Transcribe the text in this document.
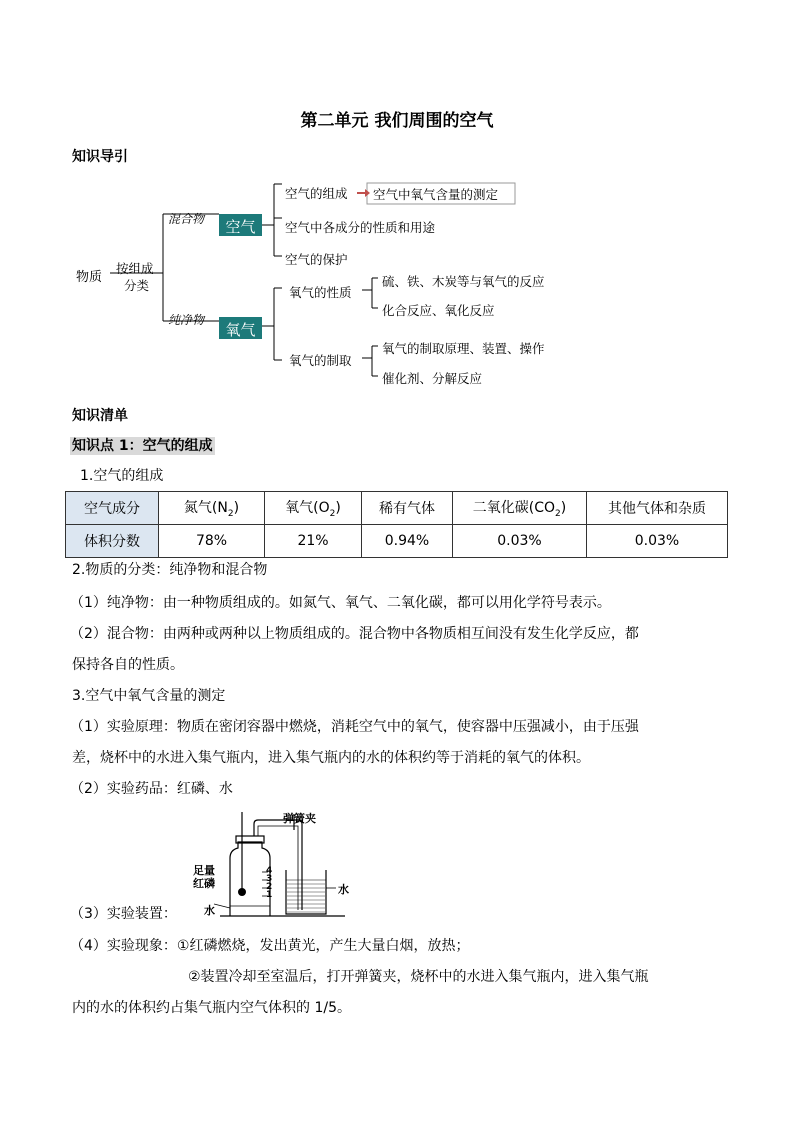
第二单元 我们周围的空气
知识导引
物质
按组成
分类
混合物
纯净物
空气
氧气
空气的组成 空气中氧气含量的测定
空气中各成分的性质和用途
空气的保护
氧气的性质
氧气的制取
硫、铁、木炭等与氧气的反应
化合反应、氧化反应
氧气的制取原理、装置、操作
催化剂、分解反应
知识清单
知识点 1：空气的组成
1.空气的组成
空气成分	氮气$(N_2)$	氧气$(O_2)$	稀有气体	二氧化碳$(CO_2)$	其他气体和杂质
体积分数	78%	21%	0.94%	0.03%	0.03%
2.物质的分类：纯净物和混合物
（1）纯净物：由一种物质组成的。如氮气、氧气、二氧化碳，都可以用化学符号表示。
（2）混合物：由两种或两种以上物质组成的。混合物中各物质相互间没有发生化学反应，都
保持各自的性质。
3.空气中氧气含量的测定
（1）实验原理：物质在密闭容器中燃烧，消耗空气中的氧气，使容器中压强减小，由于压强
差，烧杯中的水进入集气瓶内，进入集气瓶内的水的体积约等于消耗的氧气的体积。
（2）实验药品：红磷、水
弹簧夹
足量
红磷
水
水
4
3
2
1
（3）实验装置：
（4）实验现象：①红磷燃烧，发出黄光，产生大量白烟，放热；
②装置冷却至室温后，打开弹簧夹，烧杯中的水进入集气瓶内，进入集气瓶
内的水的体积约占集气瓶内空气体积的 1/5。
